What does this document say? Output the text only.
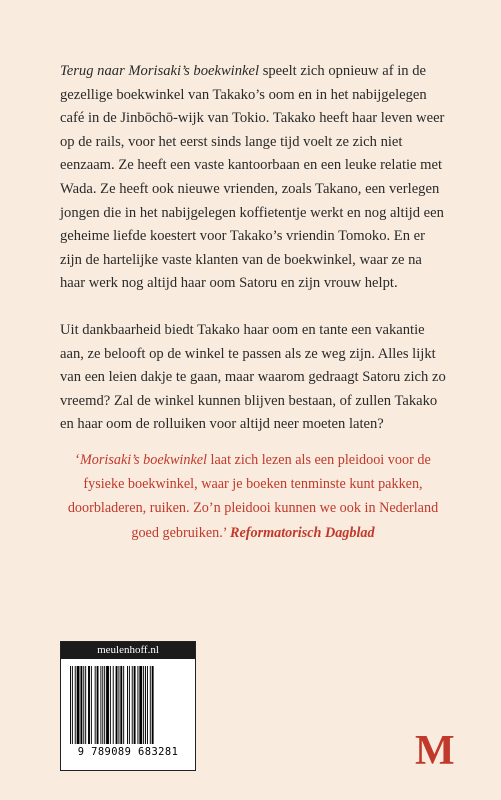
Terug naar Morisaki’s boekwinkel speelt zich opnieuw af in de gezellige boekwinkel van Takako’s oom en in het nabijgelegen café in de Jinbōchō-wijk van Tokio. Takako heeft haar leven weer op de rails, voor het eerst sinds lange tijd voelt ze zich niet eenzaam. Ze heeft een vaste kantoorbaan en een leuke relatie met Wada. Ze heeft ook nieuwe vrienden, zoals Takano, een verlegen jongen die in het nabijgelegen koffietentje werkt en nog altijd een geheime liefde koestert voor Takako’s vriendin Tomoko. En er zijn de hartelijke vaste klanten van de boekwinkel, waar ze na haar werk nog altijd haar oom Satoru en zijn vrouw helpt.

Uit dankbaarheid biedt Takako haar oom en tante een vakantie aan, ze belooft op de winkel te passen als ze weg zijn. Alles lijkt van een leien dakje te gaan, maar waarom gedraagt Satoru zich zo vreemd? Zal de winkel kunnen blijven bestaan, of zullen Takako en haar oom de rolluiken voor altijd neer moeten laten?

‘Morisaki’s boekwinkel laat zich lezen als een pleidooi voor de fysieke boekwinkel, waar je boeken tenminste kunt pakken, doorbladeren, ruiken. Zo’n pleidooi kunnen we ook in Nederland goed gebruiken.’ Reformatorisch Dagblad
meulenhoff.nl
9 789089 683281	M
